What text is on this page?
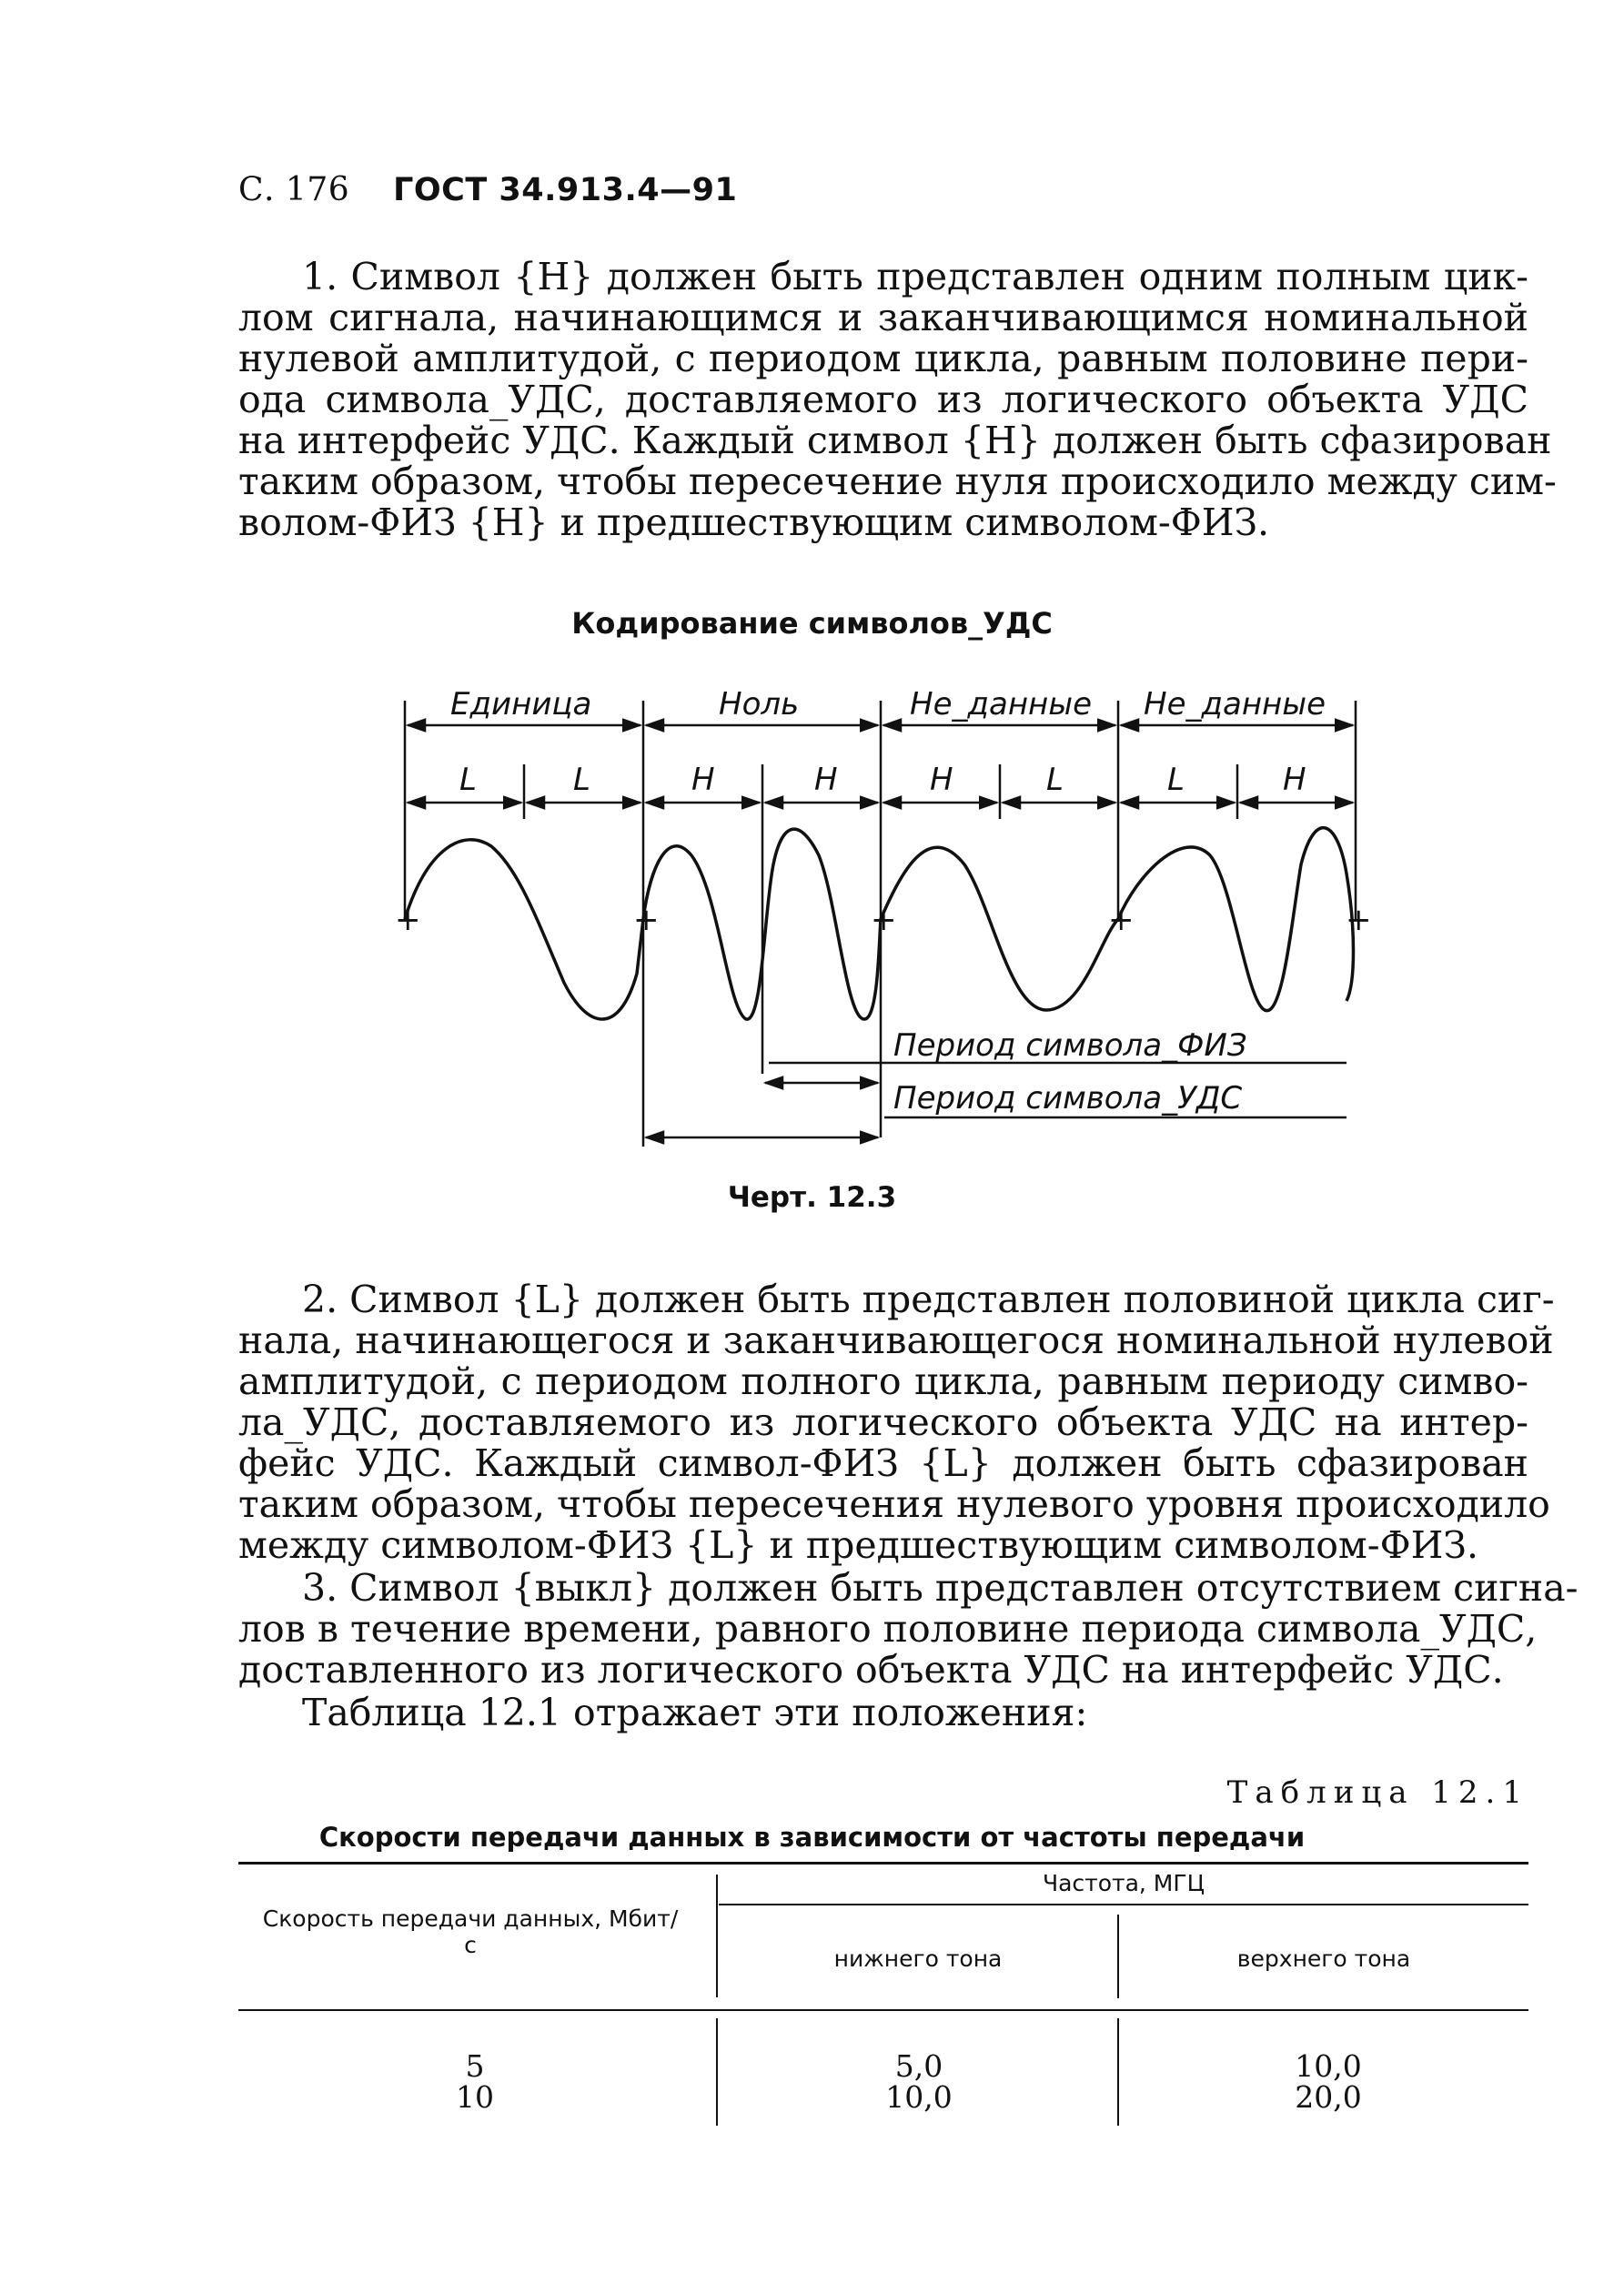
С. 176 ГОСТ 34.913.4—91
1. Символ {H} должен быть представлен одним полным цик-
лом сигнала, начинающимся и заканчивающимся номинальной
нулевой амплитудой, с периодом цикла, равным половине пери-
ода символа_УДС, доставляемого из логического объекта УДС
на интерфейс УДС. Каждый символ {H} должен быть сфазирован
таким образом, чтобы пересечение нуля происходило между сим-
волом-ФИЗ {H} и предшествующим символом-ФИЗ.
Кодирование символов_УДС
+	+	+	+	+
Единица	Ноль	Не_данные Не_данные
L	L	H	H	H	L	L	H
Период символа_ФИЗ
Период символа_УДС
Черт. 12.3
2. Символ {L} должен быть представлен половиной цикла сиг-
нала, начинающегося и заканчивающегося номинальной нулевой
амплитудой, с периодом полного цикла, равным периоду симво-
ла_УДС, доставляемого из логического объекта УДС на интер-
фейс УДС. Каждый символ-ФИЗ {L} должен быть сфазирован
таким образом, чтобы пересечения нулевого уровня происходило
между символом-ФИЗ {L} и предшествующим символом-ФИЗ.
3. Символ {выкл} должен быть представлен отсутствием сигна-
лов в течение времени, равного половине периода символа_УДС,
доставленного из логического объекта УДС на интерфейс УДС.
Таблица 12.1 отражает эти положения:
Таблица 12.1
Скорости передачи данных в зависимости от частоты передачи
Скорость передачи данных, Мбит/с
Частота, МГЦ
нижнего тона	верхнего тона
5	5,0	10,0
10	10,0	20,0
